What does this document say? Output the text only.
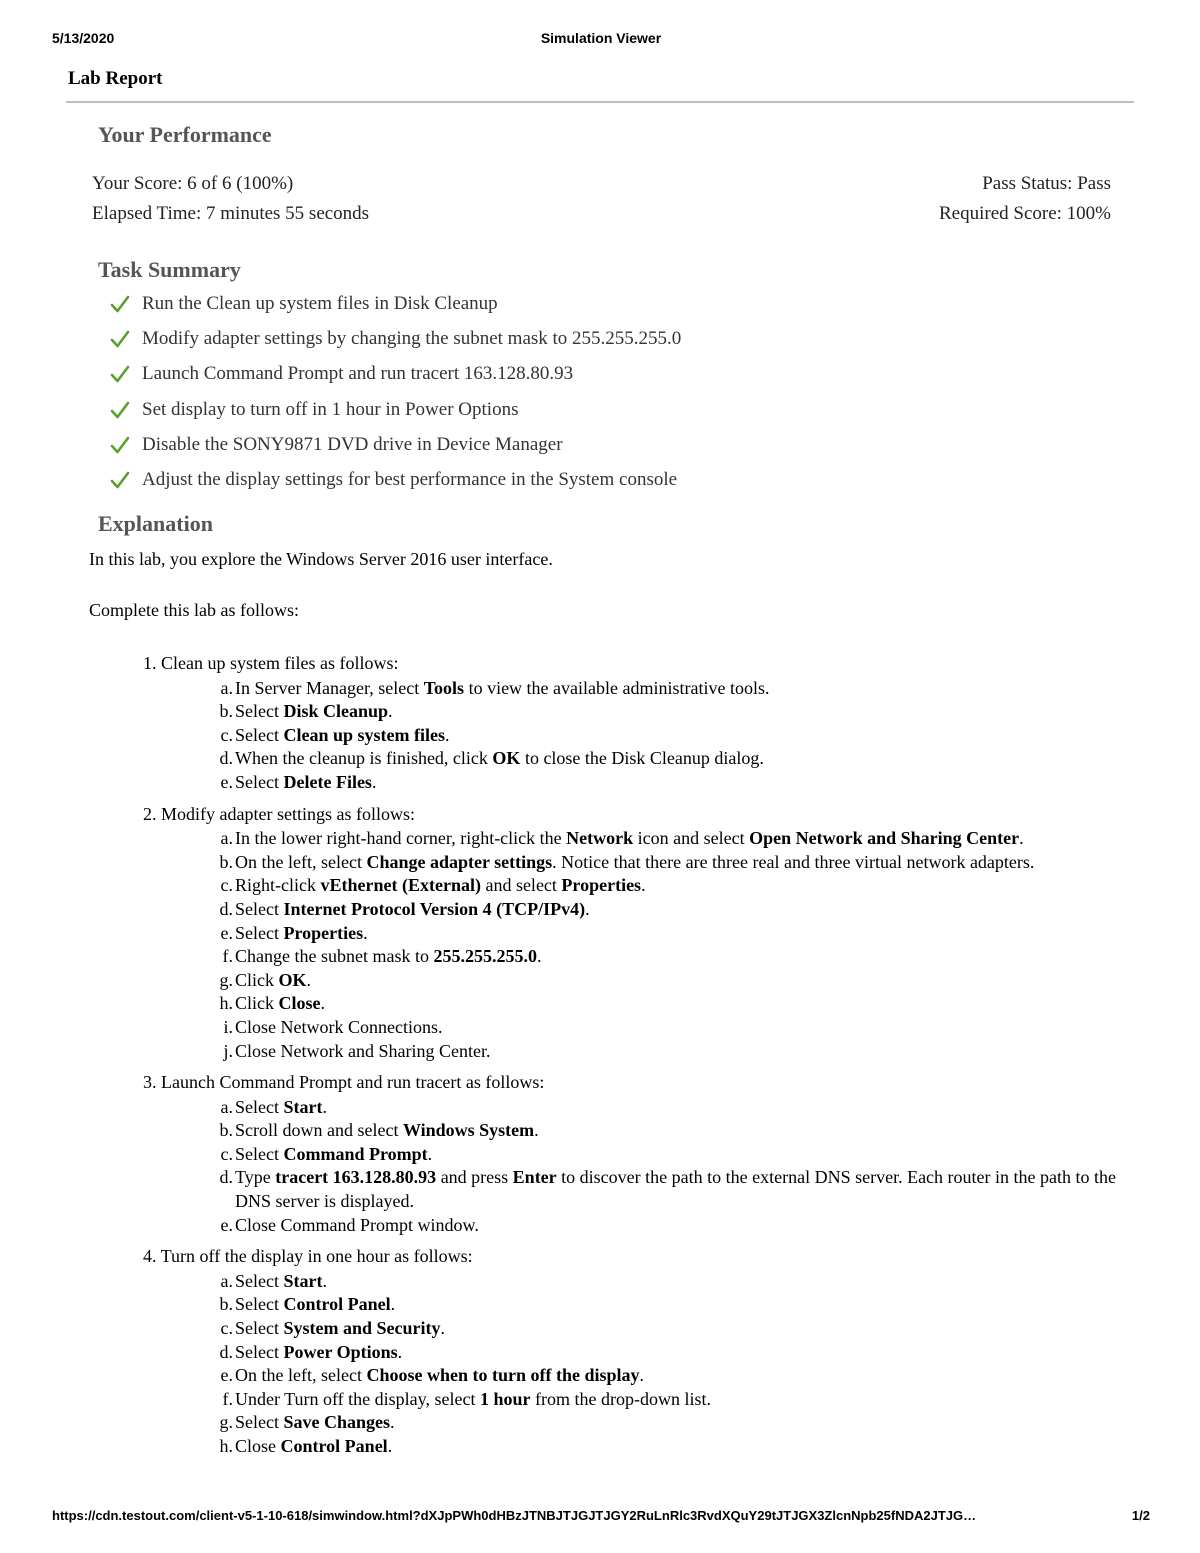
5/13/2020	Simulation Viewer
Lab Report
Your Performance
Your Score: 6 of 6 (100%)
Elapsed Time: 7 minutes 55 seconds
Pass Status: Pass
Required Score: 100%
Task Summary
Run the Clean up system files in Disk Cleanup
Modify adapter settings by changing the subnet mask to 255.255.255.0
Launch Command Prompt and run tracert 163.128.80.93
Set display to turn off in 1 hour in Power Options
Disable the SONY9871 DVD drive in Device Manager
Adjust the display settings for best performance in the System console
Explanation
In this lab, you explore the Windows Server 2016 user interface.
Complete this lab as follows:
1. Clean up system files as follows:
a. In Server Manager, select Tools to view the available administrative tools.
b. Select Disk Cleanup.
c. Select Clean up system files.
d. When the cleanup is finished, click OK to close the Disk Cleanup dialog.
e. Select Delete Files.
2. Modify adapter settings as follows:
a. In the lower right-hand corner, right-click the Network icon and select Open Network and Sharing Center.
b. On the left, select Change adapter settings. Notice that there are three real and three virtual network adapters.
c. Right-click vEthernet (External) and select Properties.
d. Select Internet Protocol Version 4 (TCP/IPv4).
e. Select Properties.
f. Change the subnet mask to 255.255.255.0.
g. Click OK.
h. Click Close.
i. Close Network Connections.
j. Close Network and Sharing Center.
3. Launch Command Prompt and run tracert as follows:
a. Select Start.
b. Scroll down and select Windows System.
c. Select Command Prompt.
d. Type tracert 163.128.80.93 and press Enter to discover the path to the external DNS server. Each router in the path to the DNS server is displayed.
e. Close Command Prompt window.
4. Turn off the display in one hour as follows:
a. Select Start.
b. Select Control Panel.
c. Select System and Security.
d. Select Power Options.
e. On the left, select Choose when to turn off the display.
f. Under Turn off the display, select 1 hour from the drop-down list.
g. Select Save Changes.
h. Close Control Panel.
https://cdn.testout.com/client-v5-1-10-618/simwindow.html?dXJpPWh0dHBzJTNBJTJGJTJGY2RuLnRlc3RvdXQuY29tJTJGX3ZlcnNpb25fNDA2JTJG…	1/2
